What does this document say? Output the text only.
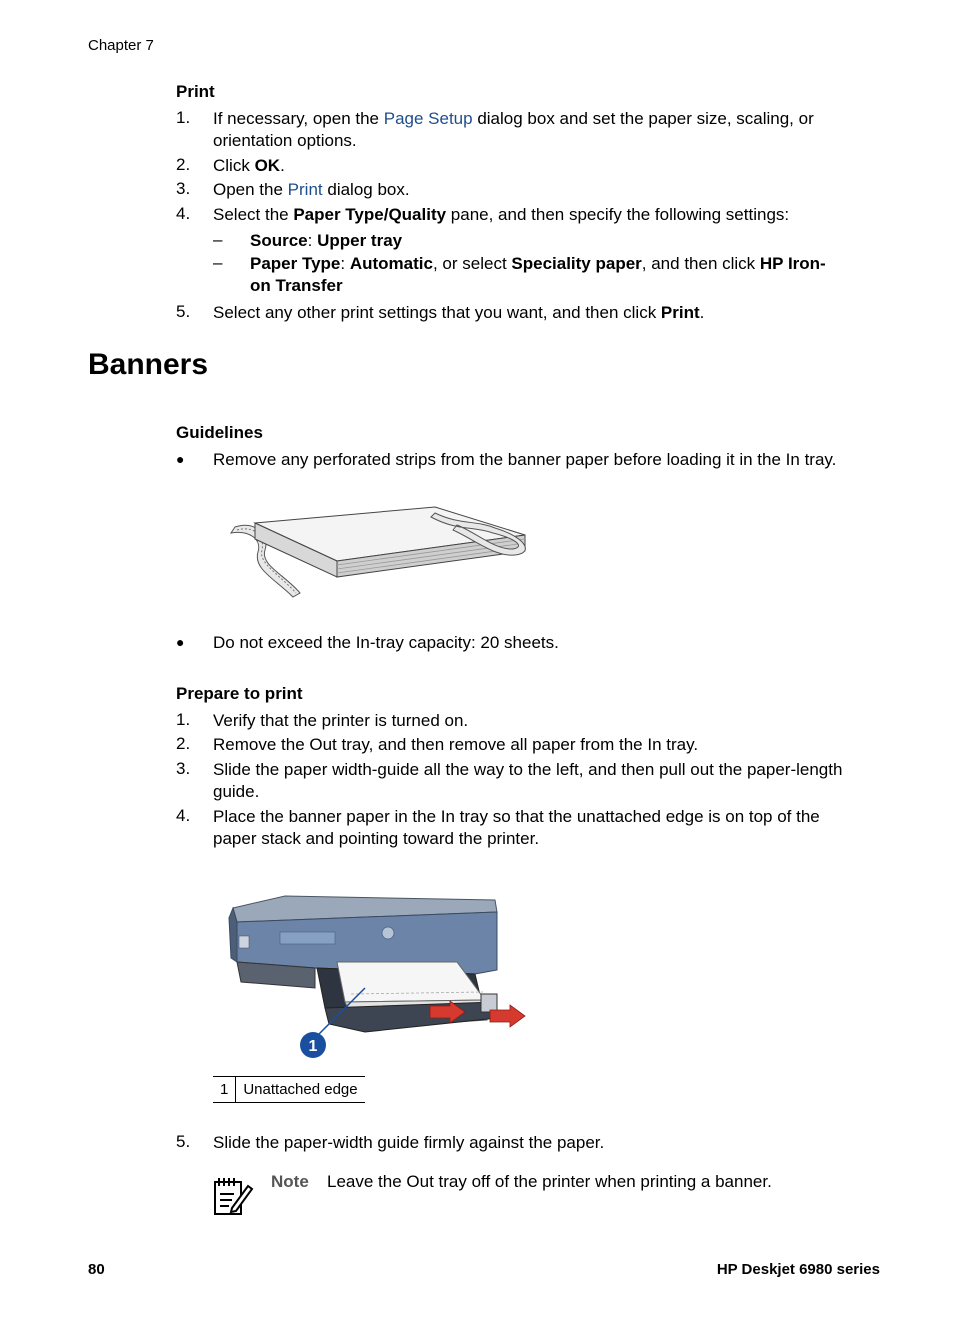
Chapter 7
Print
1.	If necessary, open the Page Setup dialog box and set the paper size, scaling, or
orientation options.
2.	Click OK.
3.	Open the Print dialog box.
4.	Select the Paper Type/Quality pane, and then specify the following settings:
– Source: Upper tray
– Paper Type: Automatic, or select Speciality paper, and then click HP Iron-
on Transfer
5.	Select any other print settings that you want, and then click Print.
Banners
Guidelines
● Remove any perforated strips from the banner paper before loading it in the In tray.
● Do not exceed the In-tray capacity: 20 sheets.
Prepare to print
1.	Verify that the printer is turned on.
2.	Remove the Out tray, and then remove all paper from the In tray.
3.	Slide the paper width-guide all the way to the left, and then pull out the paper-length
guide.
4.	Place the banner paper in the In tray so that the unattached edge is on top of the
paper stack and pointing toward the printer.
1
1	Unattached edge
5.	Slide the paper-width guide firmly against the paper.
Note Leave the Out tray off of the printer when printing a banner.
80	HP Deskjet 6980 series
